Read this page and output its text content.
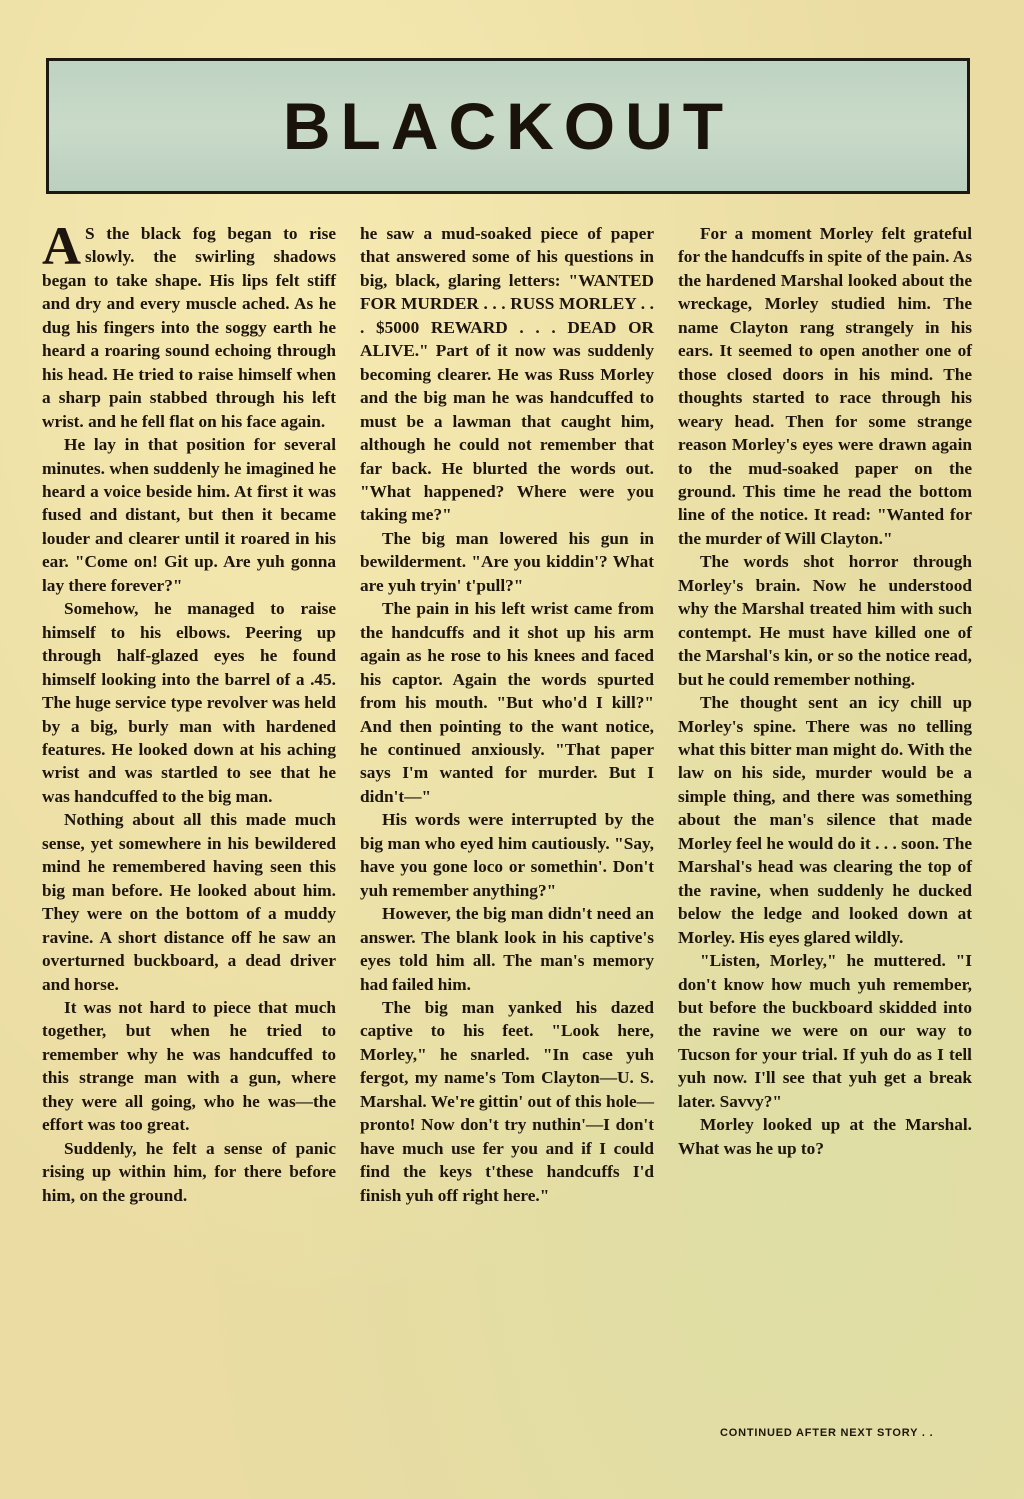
BLACKOUT

A S the black fog began to rise slowly. the swirling shadows began to take shape. His lips felt stiff and dry and every muscle ached. As he dug his fingers into the soggy earth he heard a roaring sound echoing through his head. He tried to raise himself when a sharp pain stabbed through his left wrist. and he fell flat on his face again.

He lay in that position for several minutes. when suddenly he imagined he heard a voice beside him. At first it was fused and distant, but then it became louder and clearer until it roared in his ear. "Come on! Git up. Are yuh gonna lay there forever?"

Somehow, he managed to raise himself to his elbows. Peering up through half-glazed eyes he found himself looking into the barrel of a .45. The huge service type revolver was held by a big, burly man with hardened features. He looked down at his aching wrist and was startled to see that he was handcuffed to the big man.

Nothing about all this made much sense, yet somewhere in his bewildered mind he remembered having seen this big man before. He looked about him. They were on the bottom of a muddy ravine. A short distance off he saw an overturned buckboard, a dead driver and horse.

It was not hard to piece that much together, but when he tried to remember why he was handcuffed to this strange man with a gun, where they were all going, who he was—the effort was too great.

Suddenly, he felt a sense of panic rising up within him, for there before him, on the ground.

he saw a mud-soaked piece of paper that answered some of his questions in big, black, glaring letters: "WANTED FOR MURDER . . . RUSS MORLEY . . . $5000 REWARD . . . DEAD OR ALIVE." Part of it now was suddenly becoming clearer. He was Russ Morley and the big man he was handcuffed to must be a lawman that caught him, although he could not remember that far back. He blurted the words out. "What happened? Where were you taking me?"

The big man lowered his gun in bewilderment. "Are you kiddin'? What are yuh tryin' t'pull?"

The pain in his left wrist came from the handcuffs and it shot up his arm again as he rose to his knees and faced his captor. Again the words spurted from his mouth. "But who'd I kill?" And then pointing to the want notice, he continued anxiously. "That paper says I'm wanted for murder. But I didn't—"

His words were interrupted by the big man who eyed him cautiously. "Say, have you gone loco or somethin'. Don't yuh remember anything?"

However, the big man didn't need an answer. The blank look in his captive's eyes told him all. The man's memory had failed him.

The big man yanked his dazed captive to his feet. "Look here, Morley," he snarled. "In case yuh fergot, my name's Tom Clayton—U. S. Marshal. We're gittin' out of this hole— pronto! Now don't try nuthin'—I don't have much use fer you and if I could find the keys t'these handcuffs I'd finish yuh off right here."

For a moment Morley felt grateful for the handcuffs in spite of the pain. As the hardened Marshal looked about the wreckage, Morley studied him. The name Clayton rang strangely in his ears. It seemed to open another one of those closed doors in his mind. The thoughts started to race through his weary head. Then for some strange reason Morley's eyes were drawn again to the mud-soaked paper on the ground. This time he read the bottom line of the notice. It read: "Wanted for the murder of Will Clayton."

The words shot horror through Morley's brain. Now he understood why the Marshal treated him with such contempt. He must have killed one of the Marshal's kin, or so the notice read, but he could remember nothing.

The thought sent an icy chill up Morley's spine. There was no telling what this bitter man might do. With the law on his side, murder would be a simple thing, and there was something about the man's silence that made Morley feel he would do it . . . soon. The Marshal's head was clearing the top of the ravine, when suddenly he ducked below the ledge and looked down at Morley. His eyes glared wildly.

"Listen, Morley," he muttered. "I don't know how much yuh remember, but before the buckboard skidded into the ravine we were on our way to Tucson for your trial. If yuh do as I tell yuh now. I'll see that yuh get a break later. Savvy?"

Morley looked up at the Marshal. What was he up to?

CONTINUED AFTER NEXT STORY . .
